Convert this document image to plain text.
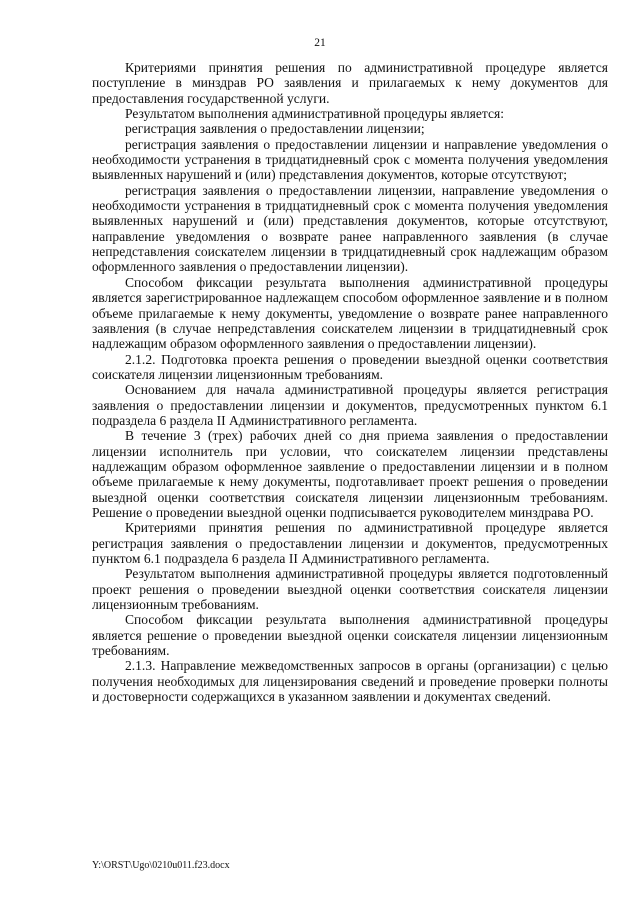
21

Критериями принятия решения по административной процедуре является поступление в минздрав РО заявления и прилагаемых к нему документов для предоставления государственной услуги.

Результатом выполнения административной процедуры является:

регистрация заявления о предоставлении лицензии;

регистрация заявления о предоставлении лицензии и направление уведомления о необходимости устранения в тридцатидневный срок с момента получения уведомления выявленных нарушений и (или) представления документов, которые отсутствуют;

регистрация заявления о предоставлении лицензии, направление уведомления о необходимости устранения в тридцатидневный срок с момента получения уведомления выявленных нарушений и (или) представления документов, которые отсутствуют, направление уведомления о возврате ранее направленного заявления (в случае непредставления соискателем лицензии в тридцатидневный срок надлежащим образом оформленного заявления о предоставлении лицензии).

Способом фиксации результата выполнения административной процедуры является зарегистрированное надлежащем способом оформленное заявление и в полном объеме прилагаемые к нему документы, уведомление о возврате ранее направленного заявления (в случае непредставления соискателем лицензии в тридцатидневный срок надлежащим образом оформленного заявления о предоставлении лицензии).

2.1.2. Подготовка проекта решения о проведении выездной оценки соответствия соискателя лицензии лицензионным требованиям.

Основанием для начала административной процедуры является регистрация заявления о предоставлении лицензии и документов, предусмотренных пунктом 6.1 подраздела 6 раздела II Административного регламента.

В течение 3 (трех) рабочих дней со дня приема заявления о предоставлении лицензии исполнитель при условии, что соискателем лицензии представлены надлежащим образом оформленное заявление о предоставлении лицензии и в полном объеме прилагаемые к нему документы, подготавливает проект решения о проведении выездной оценки соответствия соискателя лицензии лицензионным требованиям. Решение о проведении выездной оценки подписывается руководителем минздрава РО.

Критериями принятия решения по административной процедуре является регистрация заявления о предоставлении лицензии и документов, предусмотренных пунктом 6.1 подраздела 6 раздела II Административного регламента.

Результатом выполнения административной процедуры является подготовленный проект решения о проведении выездной оценки соответствия соискателя лицензии лицензионным требованиям.

Способом фиксации результата выполнения административной процедуры является решение о проведении выездной оценки соискателя лицензии лицензионным требованиям.

2.1.3. Направление межведомственных запросов в органы (организации) с целью получения необходимых для лицензирования сведений и проведение проверки полноты и достоверности содержащихся в указанном заявлении и документах сведений.

Y:\ORST\Ugo\0210u011.f23.docx
